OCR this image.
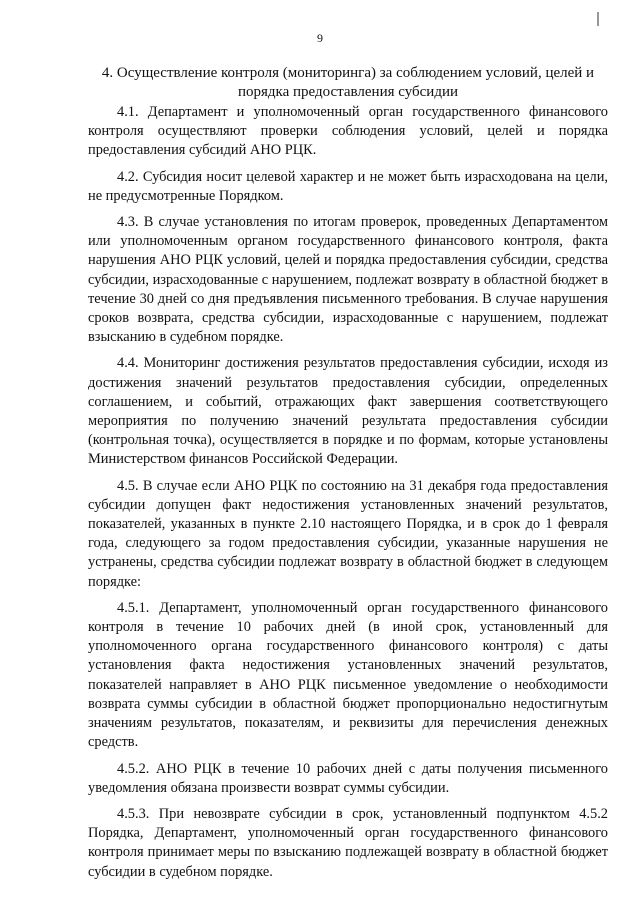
9
4. Осуществление контроля (мониторинга) за соблюдением условий, целей и порядка предоставления субсидии

4.1. Департамент и уполномоченный орган государственного финансового контроля осуществляют проверки соблюдения условий, целей и порядка предоставления субсидий АНО РЦК.

4.2. Субсидия носит целевой характер и не может быть израсходована на цели, не предусмотренные Порядком.

4.3. В случае установления по итогам проверок, проведенных Департаментом или уполномоченным органом государственного финансового контроля, факта нарушения АНО РЦК условий, целей и порядка предоставления субсидии, средства субсидии, израсходованные с нарушением, подлежат возврату в областной бюджет в течение 30 дней со дня предъявления письменного требования. В случае нарушения сроков возврата, средства субсидии, израсходованные с нарушением, подлежат взысканию в судебном порядке.

4.4. Мониторинг достижения результатов предоставления субсидии, исходя из достижения значений результатов предоставления субсидии, определенных соглашением, и событий, отражающих факт завершения соответствующего мероприятия по получению значений результата предоставления субсидии (контрольная точка), осуществляется в порядке и по формам, которые установлены Министерством финансов Российской Федерации.

4.5. В случае если АНО РЦК по состоянию на 31 декабря года предоставления субсидии допущен факт недостижения установленных значений результатов, показателей, указанных в пункте 2.10 настоящего Порядка, и в срок до 1 февраля года, следующего за годом предоставления субсидии, указанные нарушения не устранены, средства субсидии подлежат возврату в областной бюджет в следующем порядке:

4.5.1. Департамент, уполномоченный орган государственного финансового контроля в течение 10 рабочих дней (в иной срок, установленный для уполномоченного органа государственного финансового контроля) с даты установления факта недостижения установленных значений результатов, показателей направляет в АНО РЦК письменное уведомление о необходимости возврата суммы субсидии в областной бюджет пропорционально недостигнутым значениям результатов, показателям, и реквизиты для перечисления денежных средств.

4.5.2. АНО РЦК в течение 10 рабочих дней с даты получения письменного уведомления обязана произвести возврат суммы субсидии.

4.5.3. При невозврате субсидии в срок, установленный подпунктом 4.5.2 Порядка, Департамент, уполномоченный орган государственного финансового контроля принимает меры по взысканию подлежащей возврату в областной бюджет субсидии в судебном порядке.
